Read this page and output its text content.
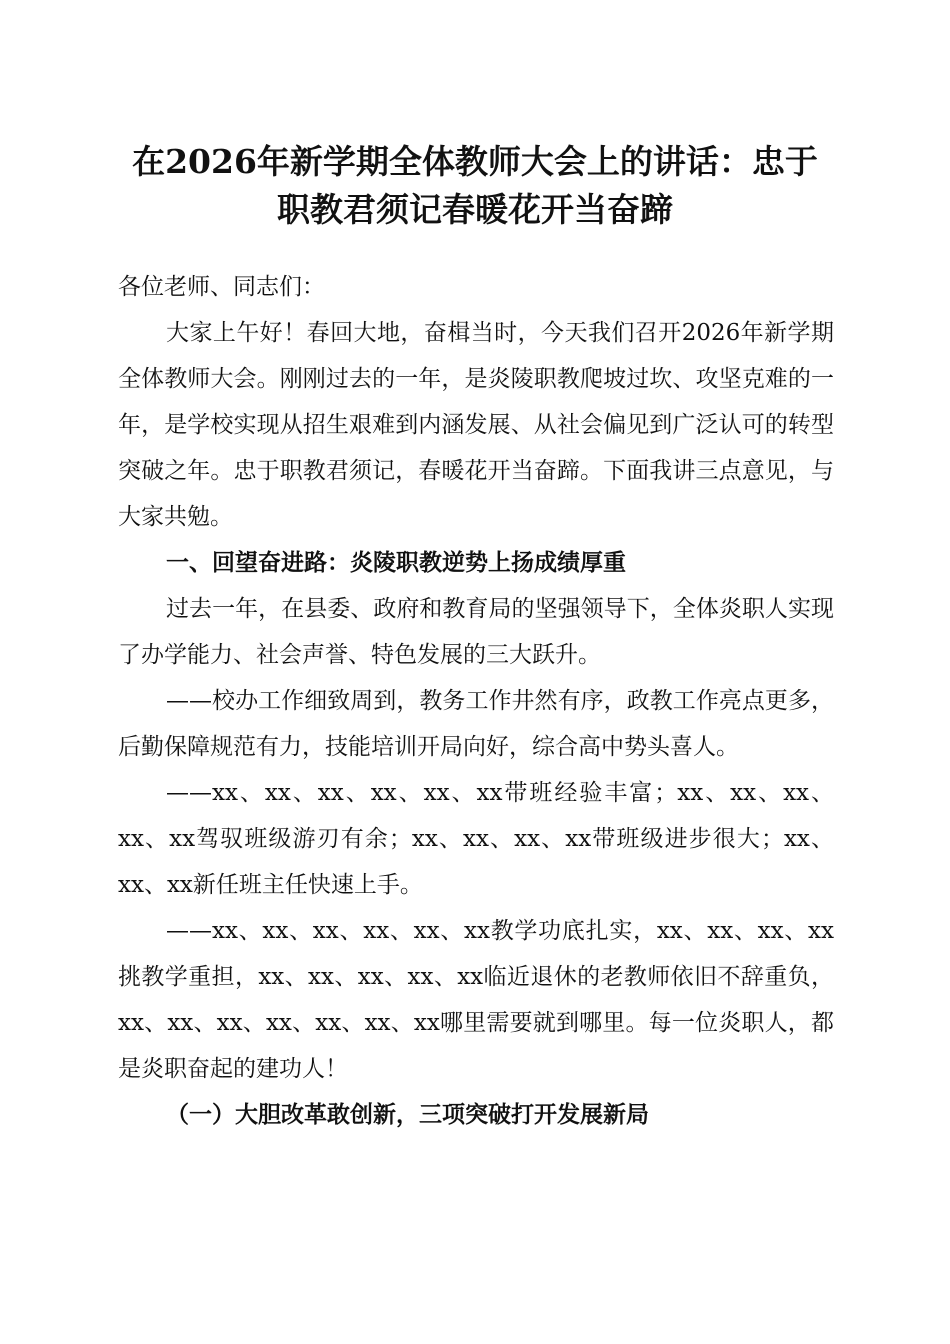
在2026年新学期全体教师大会上的讲话：忠于职教君须记春暖花开当奋蹄

各位老师、同志们：

大家上午好！春回大地，奋楫当时，今天我们召开2026年新学期全体教师大会。刚刚过去的一年，是炎陵职教爬坡过坎、攻坚克难的一年，是学校实现从招生艰难到内涵发展、从社会偏见到广泛认可的转型突破之年。忠于职教君须记，春暖花开当奋蹄。下面我讲三点意见，与大家共勉。

一、回望奋进路：炎陵职教逆势上扬成绩厚重

过去一年，在县委、政府和教育局的坚强领导下，全体炎职人实现了办学能力、社会声誉、特色发展的三大跃升。

——校办工作细致周到，教务工作井然有序，政教工作亮点更多，后勤保障规范有力，技能培训开局向好，综合高中势头喜人。

——xx、xx、xx、xx、xx、xx带班经验丰富；xx、xx、xx、xx、xx驾驭班级游刃有余；xx、xx、xx、xx带班级进步很大；xx、xx、xx新任班主任快速上手。

——xx、xx、xx、xx、xx、xx教学功底扎实，xx、xx、xx、xx挑教学重担，xx、xx、xx、xx、xx临近退休的老教师依旧不辞重负，xx、xx、xx、xx、xx、xx、xx哪里需要就到哪里。每一位炎职人，都是炎职奋起的建功人！

（一）大胆改革敢创新，三项突破打开发展新局
